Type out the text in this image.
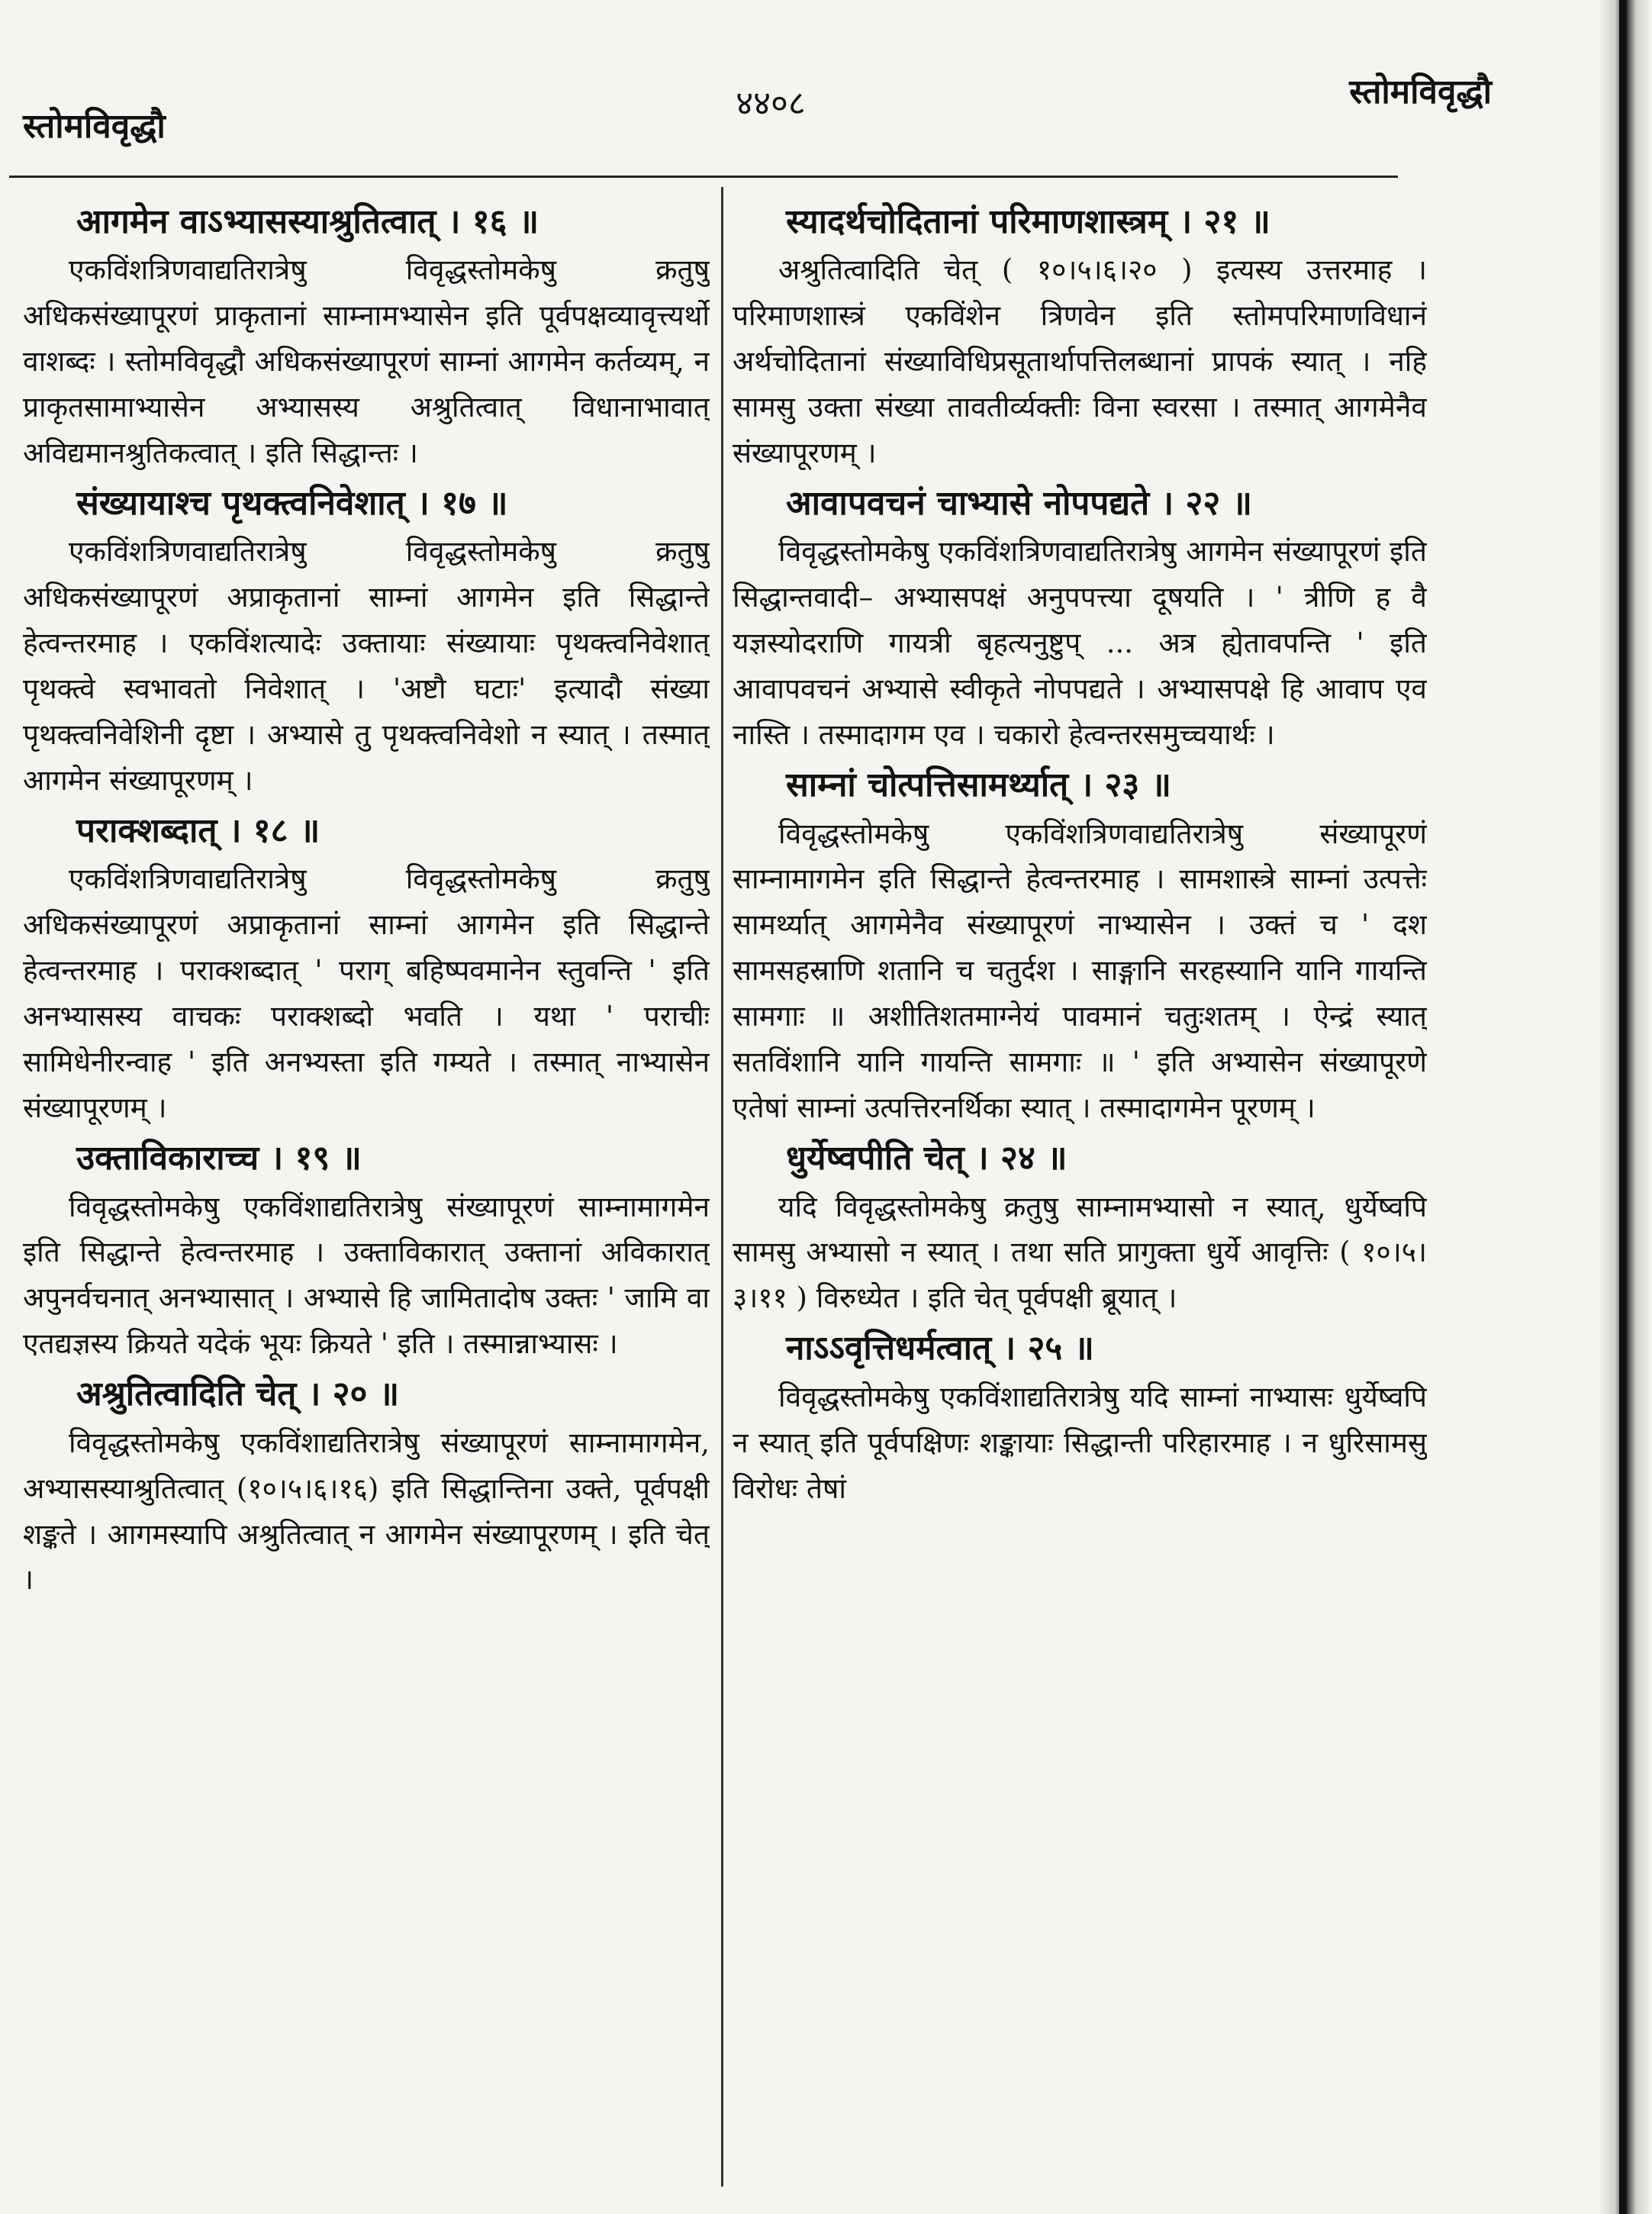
स्तोमविवृद्धौ
४४०८	स्तोमविवृद्धौ
आगमेन वाऽभ्यासस्याश्रुतित्वात् । १६ ॥

एकविंशत्रिणवाद्यतिरात्रेषु विवृद्धस्तोमकेषु क्रतुषु अधिकसंख्यापूरणं प्राकृतानां साम्नामभ्यासेन इति पूर्वपक्षव्यावृत्त्यर्थो वाशब्दः । स्तोमविवृद्धौ अधिकसंख्यापूरणं साम्नां आगमेन कर्तव्यम्, न प्राकृतसामाभ्यासेन अभ्यासस्य अश्रुतित्वात् विधानाभावात् अविद्यमानश्रुतिकत्वात् । इति सिद्धान्तः ।

संख्यायाश्च पृथक्त्वनिवेशात् । १७ ॥

एकविंशत्रिणवाद्यतिरात्रेषु विवृद्धस्तोमकेषु क्रतुषु अधिकसंख्यापूरणं अप्राकृतानां साम्नां आगमेन इति सिद्धान्ते हेत्वन्तरमाह । एकविंशत्यादेः उक्तायाः संख्यायाः पृथक्त्वनिवेशात् पृथक्त्वे स्वभावतो निवेशात् । 'अष्टौ घटाः' इत्यादौ संख्या पृथक्त्वनिवेशिनी दृष्टा । अभ्यासे तु पृथक्त्वनिवेशो न स्यात् । तस्मात् आगमेन संख्यापूरणम् ।

पराक्शब्दात् । १८ ॥

एकविंशत्रिणवाद्यतिरात्रेषु विवृद्धस्तोमकेषु क्रतुषु अधिकसंख्यापूरणं अप्राकृतानां साम्नां आगमेन इति सिद्धान्ते हेत्वन्तरमाह । पराक्शब्दात् ' पराग् बहिष्पवमानेन स्तुवन्ति ' इति अनभ्यासस्य वाचकः पराक्शब्दो भवति । यथा ' पराचीः सामिधेनीरन्वाह ' इति अनभ्यस्ता इति गम्यते । तस्मात् नाभ्यासेन संख्यापूरणम् ।

उक्ताविकाराच्च । १९ ॥

विवृद्धस्तोमकेषु एकविंशाद्यतिरात्रेषु संख्यापूरणं साम्नामागमेन इति सिद्धान्ते हेत्वन्तरमाह । उक्ताविकारात् उक्तानां अविकारात् अपुनर्वचनात् अनभ्यासात् । अभ्यासे हि जामितादोष उक्तः ' जामि वा एतद्यज्ञस्य क्रियते यदेकं भूयः क्रियते ' इति । तस्मान्नाभ्यासः ।

अश्रुतित्वादिति चेत् । २० ॥

विवृद्धस्तोमकेषु एकविंशाद्यतिरात्रेषु संख्यापूरणं साम्नामागमेन, अभ्यासस्याश्रुतित्वात् (१०।५।६।१६) इति सिद्धान्तिना उक्ते, पूर्वपक्षी शङ्कते । आगमस्यापि अश्रुतित्वात् न आगमेन संख्यापूरणम् । इति चेत् ।

स्यादर्थचोदितानां परिमाणशास्त्रम् । २१ ॥

अश्रुतित्वादिति चेत् ( १०।५।६।२० ) इत्यस्य उत्तरमाह । परिमाणशास्त्रं एकविंशेन त्रिणवेन इति स्तोमपरिमाणविधानं अर्थचोदितानां संख्याविधिप्रसूतार्थापत्तिलब्धानां प्रापकं स्यात् । नहि सामसु उक्ता संख्या तावतीर्व्यक्तीः विना स्वरसा । तस्मात् आगमेनैव संख्यापूरणम् ।

आवापवचनं चाभ्यासे नोपपद्यते । २२ ॥

विवृद्धस्तोमकेषु एकविंशत्रिणवाद्यतिरात्रेषु आगमेन संख्यापूरणं इति सिद्धान्तवादी– अभ्यासपक्षं अनुपपत्त्या दूषयति । ' त्रीणि ह वै यज्ञस्योदराणि गायत्री बृहत्यनुष्टुप् ... अत्र ह्येतावपन्ति ' इति आवापवचनं अभ्यासे स्वीकृते नोपपद्यते । अभ्यासपक्षे हि आवाप एव नास्ति । तस्मादागम एव । चकारो हेत्वन्तरसमुच्चयार्थः ।

साम्नां चोत्पत्तिसामर्थ्यात् । २३ ॥

विवृद्धस्तोमकेषु एकविंशत्रिणवाद्यतिरात्रेषु संख्यापूरणं साम्नामागमेन इति सिद्धान्ते हेत्वन्तरमाह । सामशास्त्रे साम्नां उत्पत्तेः सामर्थ्यात् आगमेनैव संख्यापूरणं नाभ्यासेन । उक्तं च ' दश सामसहस्राणि शतानि च चतुर्दश । साङ्गानि सरहस्यानि यानि गायन्ति सामगाः ॥ अशीतिशतमाग्नेयं पावमानं चतुःशतम् । ऐन्द्रं स्यात् सतविंशानि यानि गायन्ति सामगाः ॥ ' इति अभ्यासेन संख्यापूरणे एतेषां साम्नां उत्पत्तिरनर्थिका स्यात् । तस्मादागमेन पूरणम् ।

धुर्येष्वपीति चेत् । २४ ॥

यदि विवृद्धस्तोमकेषु क्रतुषु साम्नामभ्यासो न स्यात्, धुर्येष्वपि सामसु अभ्यासो न स्यात् । तथा सति प्रागुक्ता धुर्ये आवृत्तिः ( १०।५।३।११ ) विरुध्येत । इति चेत् पूर्वपक्षी ब्रूयात् ।

नाऽऽवृत्तिधर्मत्वात् । २५ ॥

विवृद्धस्तोमकेषु एकविंशाद्यतिरात्रेषु यदि साम्नां नाभ्यासः धुर्येष्वपि न स्यात् इति पूर्वपक्षिणः शङ्कायाः सिद्धान्ती परिहारमाह । न धुरिसामसु विरोधः तेषां
